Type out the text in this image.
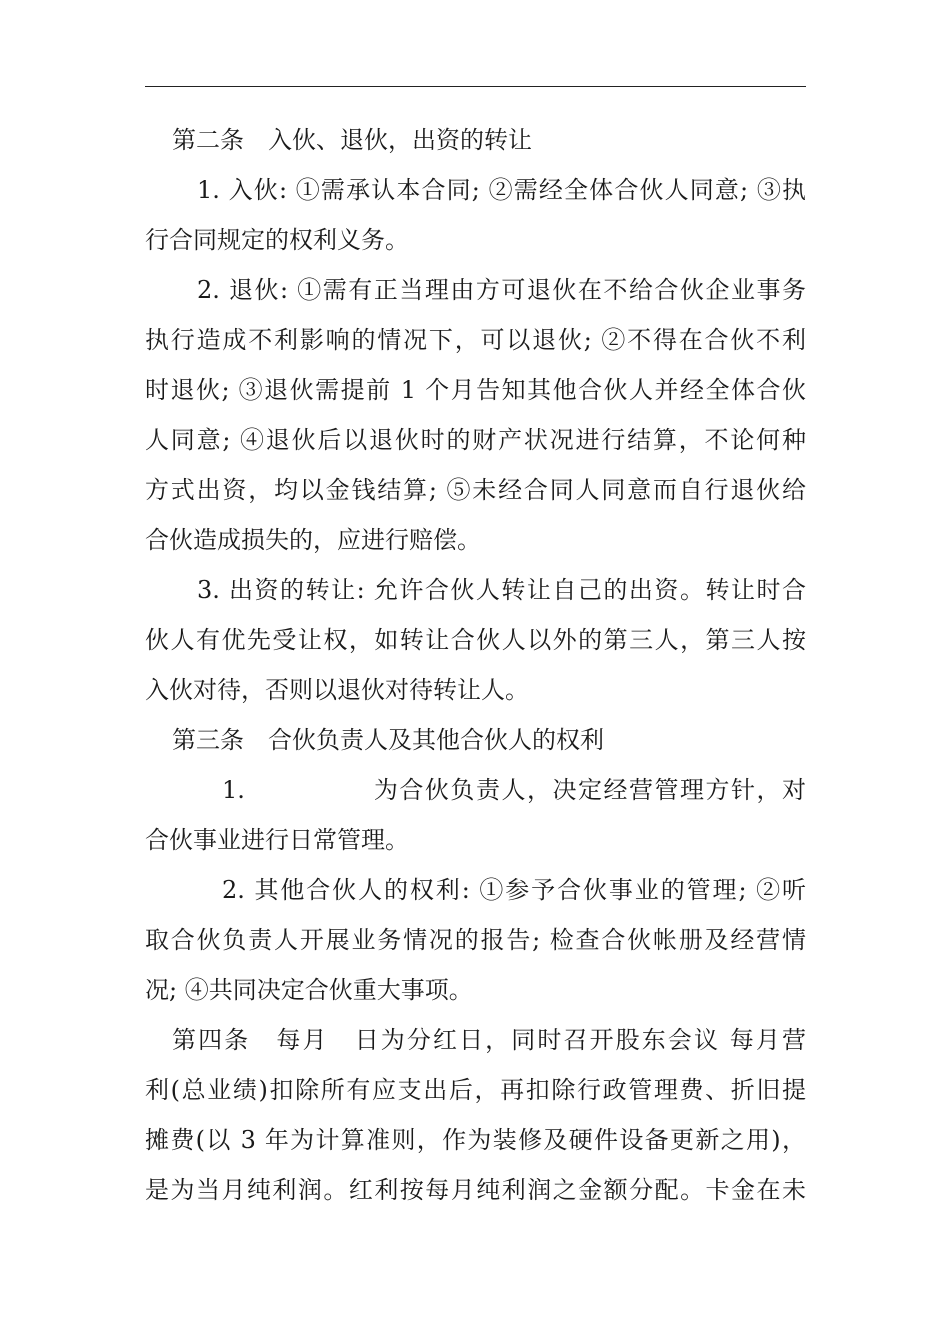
第二条　入伙、退伙，出资的转让
1. 入伙: ①需承认本合同; ②需经全体合伙人同意; ③执
行合同规定的权利义务。
2. 退伙: ①需有正当理由方可退伙在不给合伙企业事务
执行造成不利影响的情况下，可以退伙; ②不得在合伙不利
时退伙; ③退伙需提前 1 个月告知其他合伙人并经全体合伙
人同意; ④退伙后以退伙时的财产状况进行结算，不论何种
方式出资，均以金钱结算; ⑤未经合同人同意而自行退伙给
合伙造成损失的，应进行赔偿。
3. 出资的转让: 允许合伙人转让自己的出资。转让时合
伙人有优先受让权，如转让合伙人以外的第三人，第三人按
入伙对待，否则以退伙对待转让人。
第三条　合伙负责人及其他合伙人的权利
1.　　　　　为合伙负责人，决定经营管理方针，对
合伙事业进行日常管理。
2. 其他合伙人的权利: ①参予合伙事业的管理; ②听
取合伙负责人开展业务情况的报告; 检查合伙帐册及经营情
况; ④共同决定合伙重大事项。
第四条　每月　日为分红日，同时召开股东会议 每月营
利(总业绩)扣除所有应支出后，再扣除行政管理费、折旧提
摊费(以 3 年为计算准则，作为装修及硬件设备更新之用)，
是为当月纯利润。红利按每月纯利润之金额分配。卡金在未
